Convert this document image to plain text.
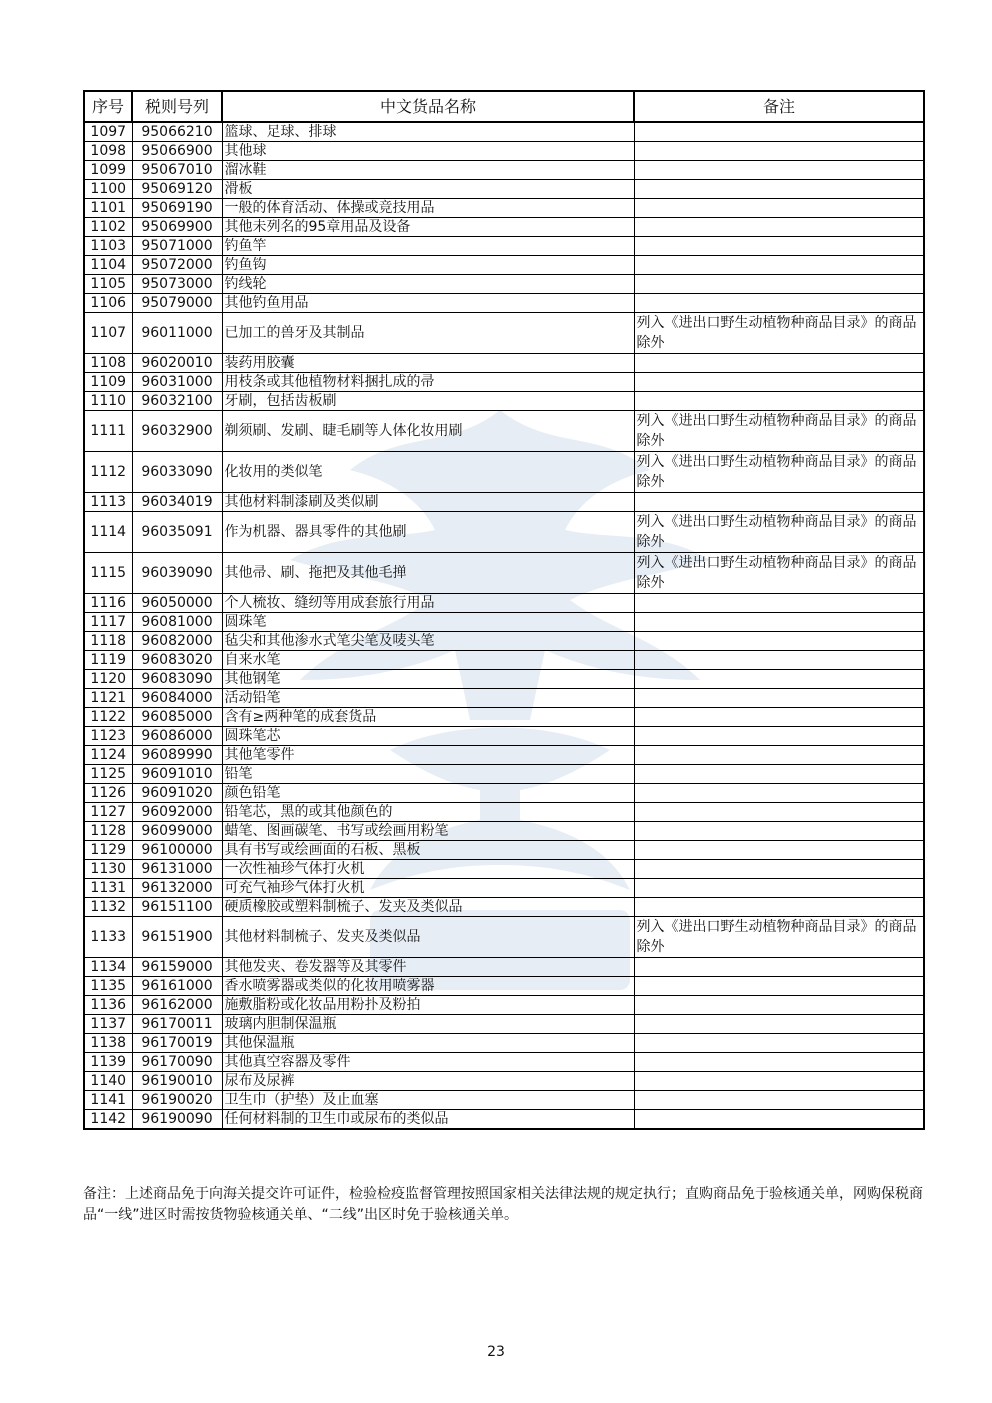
序号	税则号列	中文货品名称	备注
1097	95066210	篮球、足球、排球	
1098	95066900	其他球	
1099	95067010	溜冰鞋	
1100	95069120	滑板	
1101	95069190	一般的体育活动、体操或竞技用品	
1102	95069900	其他未列名的95章用品及设备	
1103	95071000	钓鱼竿	
1104	95072000	钓鱼钩	
1105	95073000	钓线轮	
1106	95079000	其他钓鱼用品	
1107	96011000	已加工的兽牙及其制品	列入《进出口野生动植物种商品目录》的商品除外
1108	96020010	装药用胶囊	
1109	96031000	用枝条或其他植物材料捆扎成的帚	
1110	96032100	牙刷，包括齿板刷	
1111	96032900	剃须刷、发刷、睫毛刷等人体化妆用刷	列入《进出口野生动植物种商品目录》的商品除外
1112	96033090	化妆用的类似笔	列入《进出口野生动植物种商品目录》的商品除外
1113	96034019	其他材料制漆刷及类似刷	
1114	96035091	作为机器、器具零件的其他刷	列入《进出口野生动植物种商品目录》的商品除外
1115	96039090	其他帚、刷、拖把及其他毛掸	列入《进出口野生动植物种商品目录》的商品除外
1116	96050000	个人梳妆、缝纫等用成套旅行用品	
1117	96081000	圆珠笔	
1118	96082000	毡尖和其他渗水式笔尖笔及唛头笔	
1119	96083020	自来水笔	
1120	96083090	其他钢笔	
1121	96084000	活动铅笔	
1122	96085000	含有≥两种笔的成套货品	
1123	96086000	圆珠笔芯	
1124	96089990	其他笔零件	
1125	96091010	铅笔	
1126	96091020	颜色铅笔	
1127	96092000	铅笔芯，黑的或其他颜色的	
1128	96099000	蜡笔、图画碳笔、书写或绘画用粉笔	
1129	96100000	具有书写或绘画面的石板、黑板	
1130	96131000	一次性袖珍气体打火机	
1131	96132000	可充气袖珍气体打火机	
1132	96151100	硬质橡胶或塑料制梳子、发夹及类似品	
1133	96151900	其他材料制梳子、发夹及类似品	列入《进出口野生动植物种商品目录》的商品除外
1134	96159000	其他发夹、卷发器等及其零件	
1135	96161000	香水喷雾器或类似的化妆用喷雾器	
1136	96162000	施敷脂粉或化妆品用粉扑及粉拍	
1137	96170011	玻璃内胆制保温瓶	
1138	96170019	其他保温瓶	
1139	96170090	其他真空容器及零件	
1140	96190010	尿布及尿裤	
1141	96190020	卫生巾（护垫）及止血塞	
1142	96190090	任何材料制的卫生巾或尿布的类似品	

备注：上述商品免于向海关提交许可证件，检验检疫监督管理按照国家相关法律法规的规定执行；直购商品免于验核通关单，网购保税商品“一线”进区时需按货物验核通关单、“二线”出区时免于验核通关单。

23
